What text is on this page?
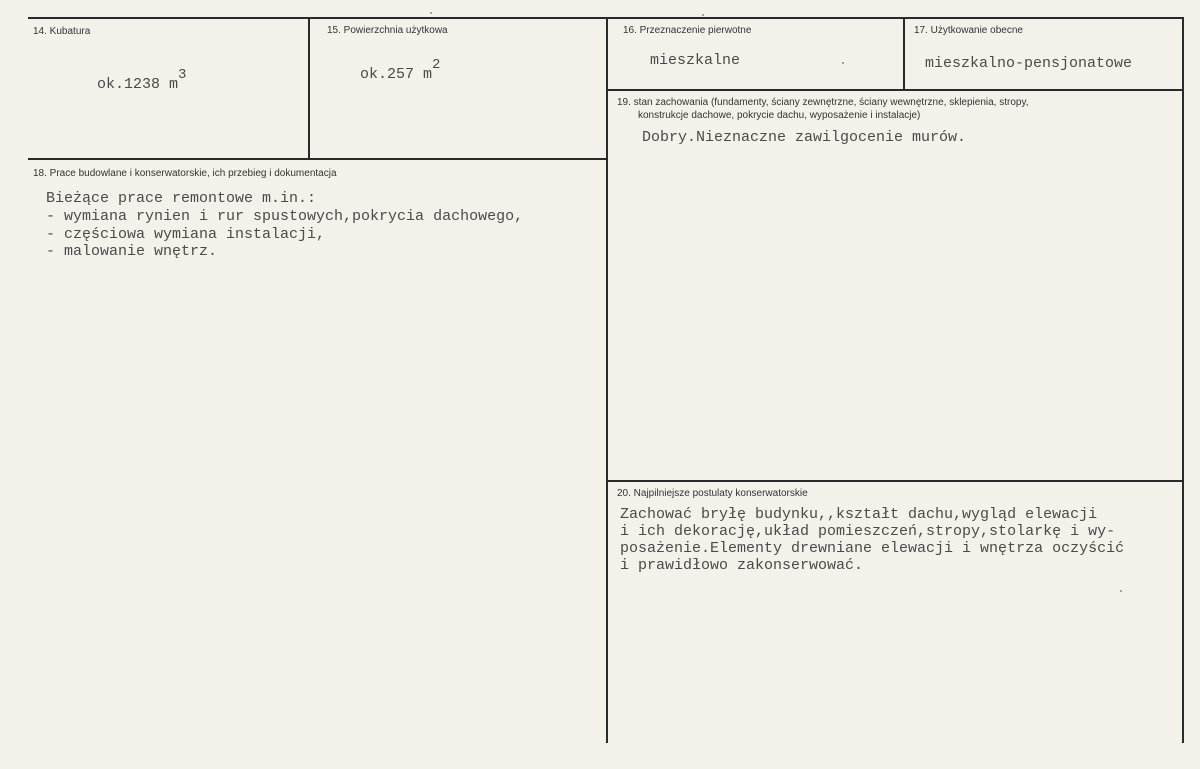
14. Kubatura
ok.1238 m3
15. Powierzchnia użytkowa
ok.257 m2
16. Przeznaczenie pierwotne
mieszkalne
17. Użytkowanie obecne
mieszkalno-pensjonatowe
18. Prace budowlane i konserwatorskie, ich przebieg i dokumentacja
Bieżące prace remontowe m.in.:
- wymiana rynien i rur spustowych,pokrycia dachowego,
- częściowa wymiana instalacji,
- malowanie wnętrz.
19. stan zachowania (fundamenty, ściany zewnętrzne, ściany wewnętrzne, sklepienia, stropy,
konstrukcje dachowe, pokrycie dachu, wyposażenie i instalacje)
Dobry.Nieznaczne zawilgocenie murów.
20. Najpilniejsze postulaty konserwatorskie
Zachować bryłę budynku,,kształt dachu,wygląd elewacji
i ich dekorację,układ pomieszczeń,stropy,stolarkę i wy-
posażenie.Elementy drewniane elewacji i wnętrza oczyścić
i prawidłowo zakonserwować.
